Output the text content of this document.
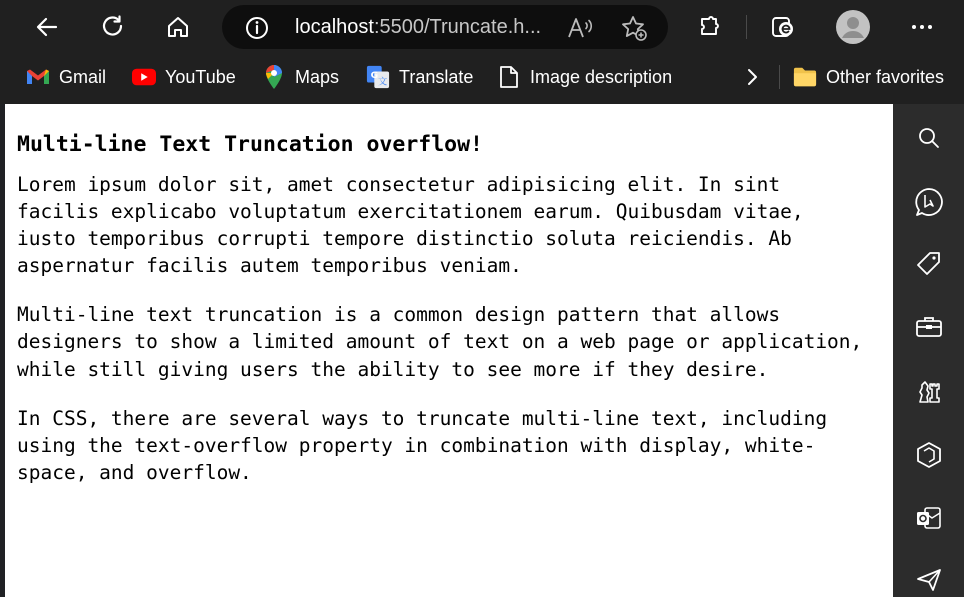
localhost:5500/Truncate.h...
Gmail	YouTube	Maps	G
文 Translate	Image description	Other favorites
Multi-line Text Truncation overflow!

Lorem ipsum dolor sit, amet consectetur adipisicing elit. In sint facilis explicabo voluptatum exercitationem earum. Quibusdam vitae, iusto temporibus corrupti tempore distinctio soluta reiciendis. Ab aspernatur facilis autem temporibus veniam.

Multi-line text truncation is a common design pattern that allows designers to show a limited amount of text on a web page or application, while still giving users the ability to see more if they desire.

In CSS, there are several ways to truncate multi-line text, including using the text-overflow property in combination with display, white-space, and overflow.
